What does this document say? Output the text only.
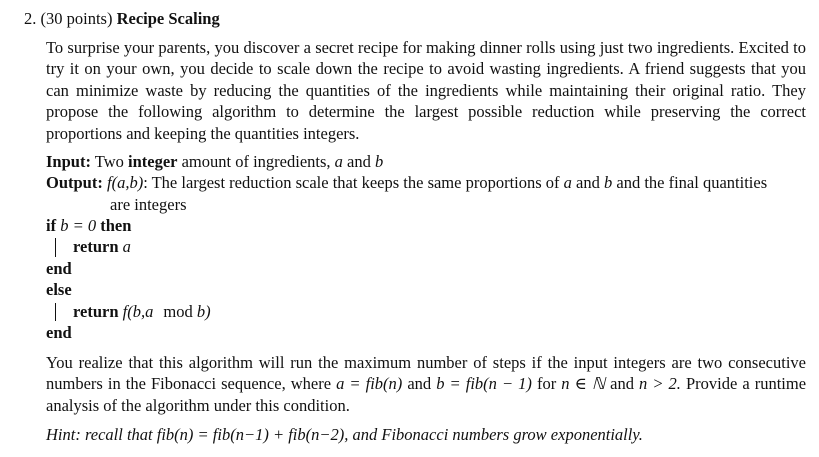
2. (30 points) Recipe Scaling
To surprise your parents, you discover a secret recipe for making dinner rolls using just two ingredients. Excited to try it on your own, you decide to scale down the recipe to avoid wasting ingredients. A friend suggests that you can minimize waste by reducing the quantities of the ingredients while maintaining their original ratio. They propose the following algorithm to determine the largest possible reduction while preserving the correct proportions and keeping the quantities integers.
Input: Two integer amount of ingredients, a and b
Output: f(a,b): The largest reduction scale that keeps the same proportions of a and b and the final quantities
are integers
if b = 0 then
return a
end
else
return f(b,a mod b)
end
You realize that this algorithm will run the maximum number of steps if the input integers are two consecutive numbers in the Fibonacci sequence, where a = fib(n) and b = fib(n − 1) for n ∈ ℕ and n > 2. Provide a runtime analysis of the algorithm under this condition.
Hint: recall that fib(n) = fib(n−1) + fib(n−2), and Fibonacci numbers grow exponentially.
